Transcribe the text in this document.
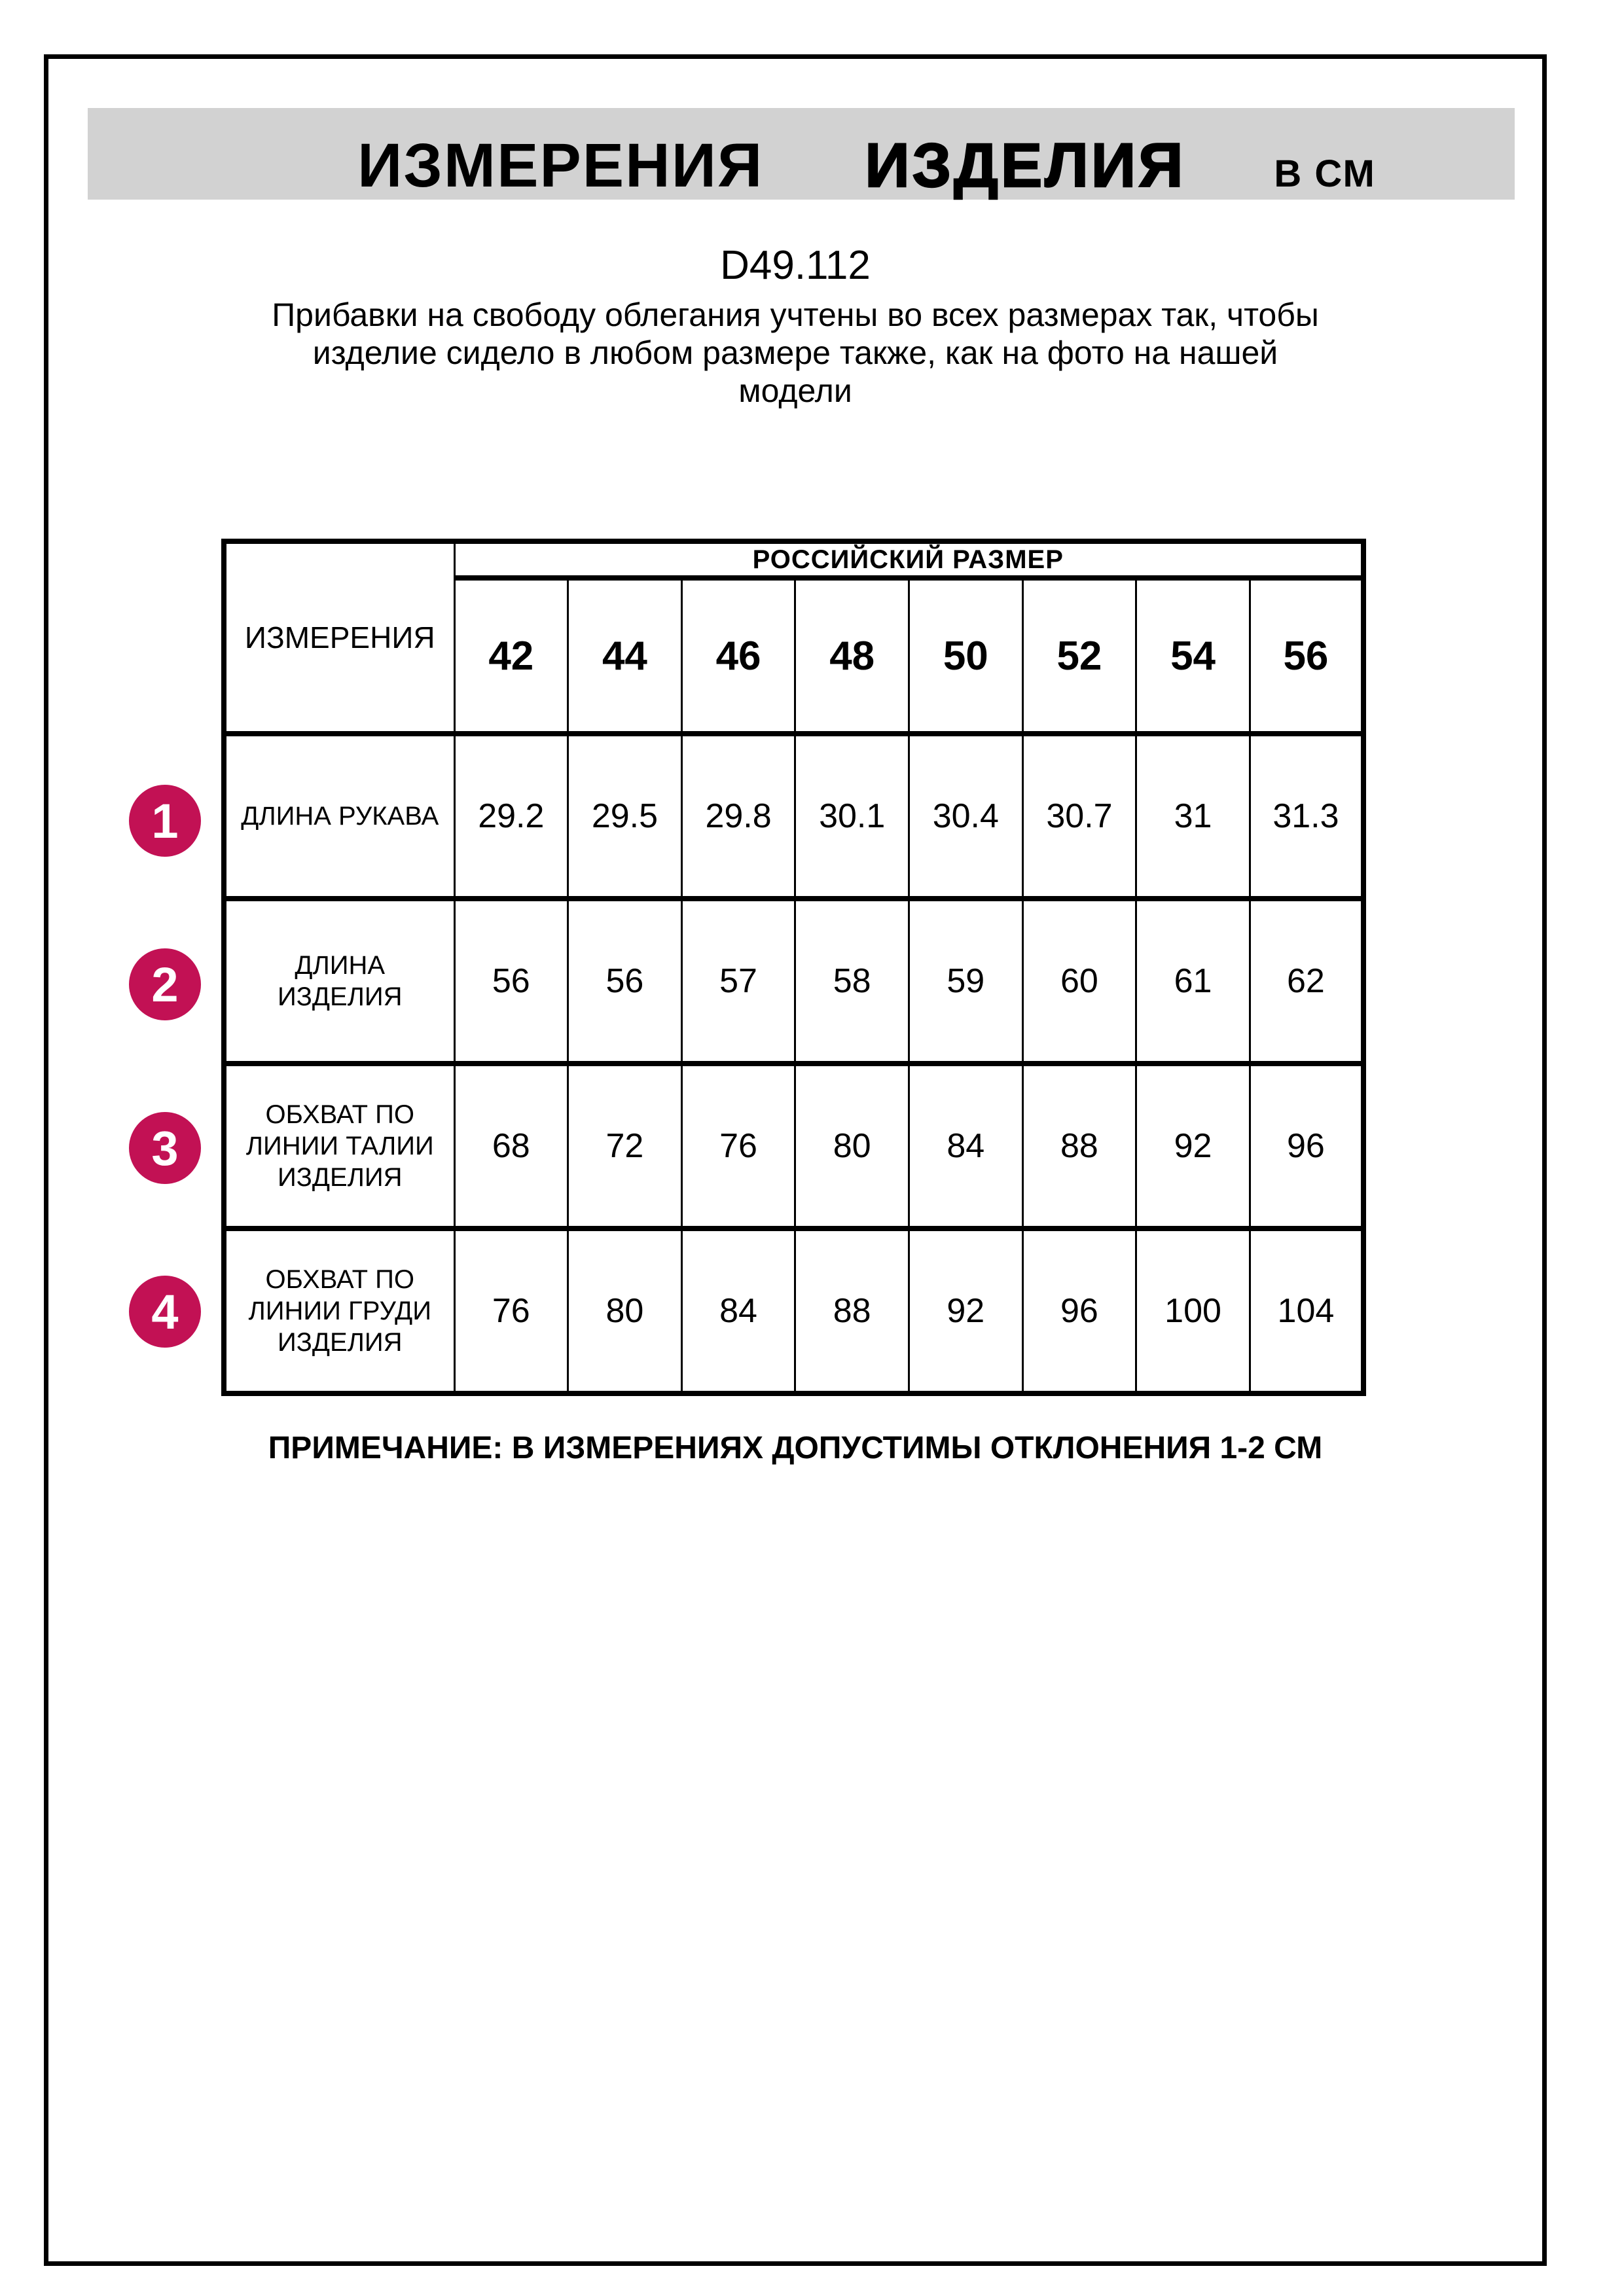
ИЗМЕРЕНИЯ ИЗДЕЛИЯ В СМ
D49.112
Прибавки на свободу облегания учтены во всех размерах так, чтобы
изделие сидело в любом размере также, как на фото на нашей
модели
ИЗМЕРЕНИЯ	РОССИЙСКИЙ РАЗМЕР							
	42	44	46	48	50	52	54	56

ДЛИНА РУКАВА	29.2	29.5	29.8	30.1	30.4	30.7	31	31.3

ДЛИНА
ИЗДЕЛИЯ	56	56	57	58	59	60	61	62

ОБХВАТ ПО
ЛИНИИ ТАЛИИ
ИЗДЕЛИЯ	68	72	76	80	84	88	92	96

ОБХВАТ ПО
ЛИНИИ ГРУДИ
ИЗДЕЛИЯ	76	80	84	88	92	96	100	104
1
2
3
4
ПРИМЕЧАНИЕ: В ИЗМЕРЕНИЯХ ДОПУСТИМЫ ОТКЛОНЕНИЯ 1-2 СМ
